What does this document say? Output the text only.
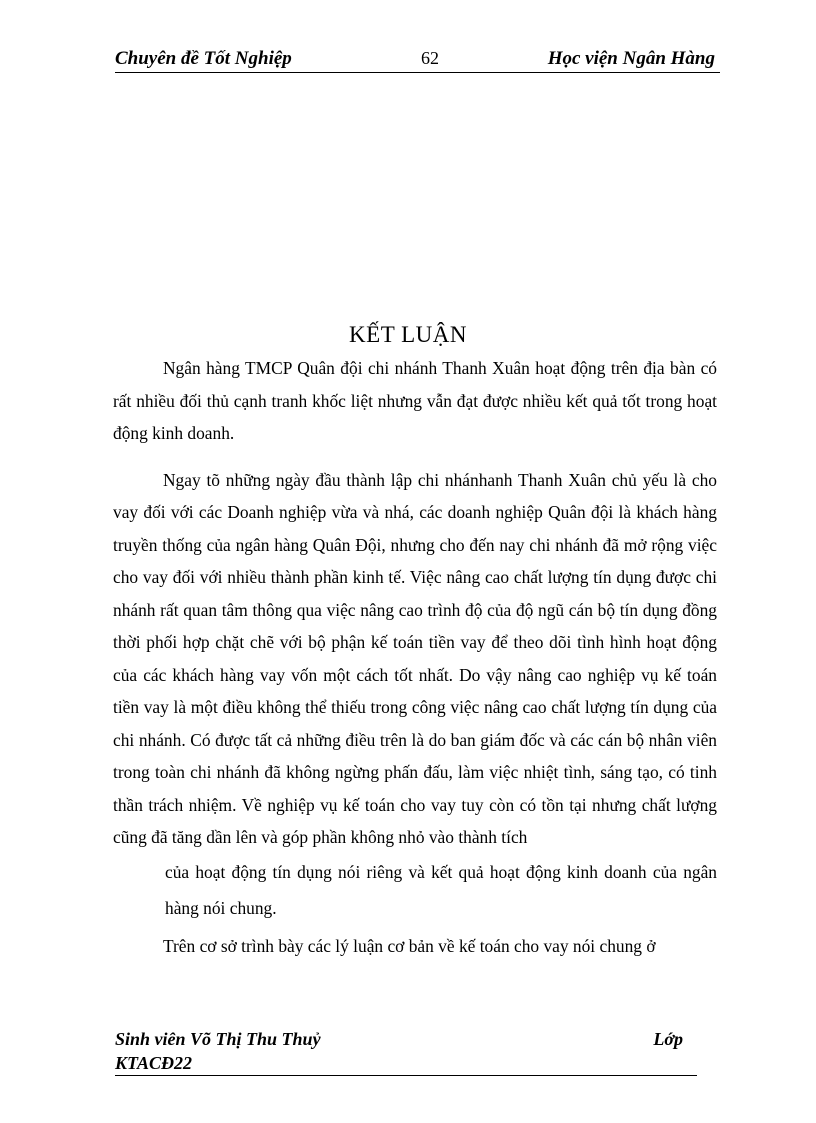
Chuyên đề Tốt Nghiệp	62	Học viện Ngân Hàng
KẾT LUẬN

Ngân hàng TMCP Quân đội chi nhánh Thanh Xuân hoạt động trên địa bàn có rất nhiều đối thủ cạnh tranh khốc liệt nhưng vẫn đạt được nhiều kết quả tốt trong hoạt động kinh doanh.

Ngay tõ những ngày đầu thành lập chi nhánhanh Thanh Xuân chủ yếu là cho vay đối với các Doanh nghiệp vừa và nhá, các doanh nghiệp Quân đội là khách hàng truyền thống của ngân hàng Quân Đội, nhưng cho đến nay chi nhánh đã mở rộng việc cho vay đối với nhiều thành phần kinh tế. Việc nâng cao chất lượng tín dụng được chi nhánh rất quan tâm thông qua việc nâng cao trình độ của độ ngũ cán bộ tín dụng đồng thời phối hợp chặt chẽ với bộ phận kế toán tiền vay để theo dõi tình hình hoạt động của các khách hàng vay vốn một cách tốt nhất. Do vậy nâng cao nghiệp vụ kế toán tiền vay là một điều không thể thiếu trong công việc nâng cao chất lượng tín dụng của chi nhánh. Có được tất cả những điều trên là do ban giám đốc và các cán bộ nhân viên trong toàn chi nhánh đã không ngừng phấn đấu, làm việc nhiệt tình, sáng tạo, có tinh thần trách nhiệm. Về nghiệp vụ kế toán cho vay tuy còn có tồn tại nhưng chất lượng cũng đã tăng dần lên và góp phần không nhỏ vào thành tích

của hoạt động tín dụng nói riêng và kết quả hoạt động kinh doanh của ngân hàng nói chung.

Trên cơ sở trình bày các lý luận cơ bản về kế toán cho vay nói chung ở

Sinh viên Võ Thị Thu Thuỷ	Lớp
KTACĐ22
